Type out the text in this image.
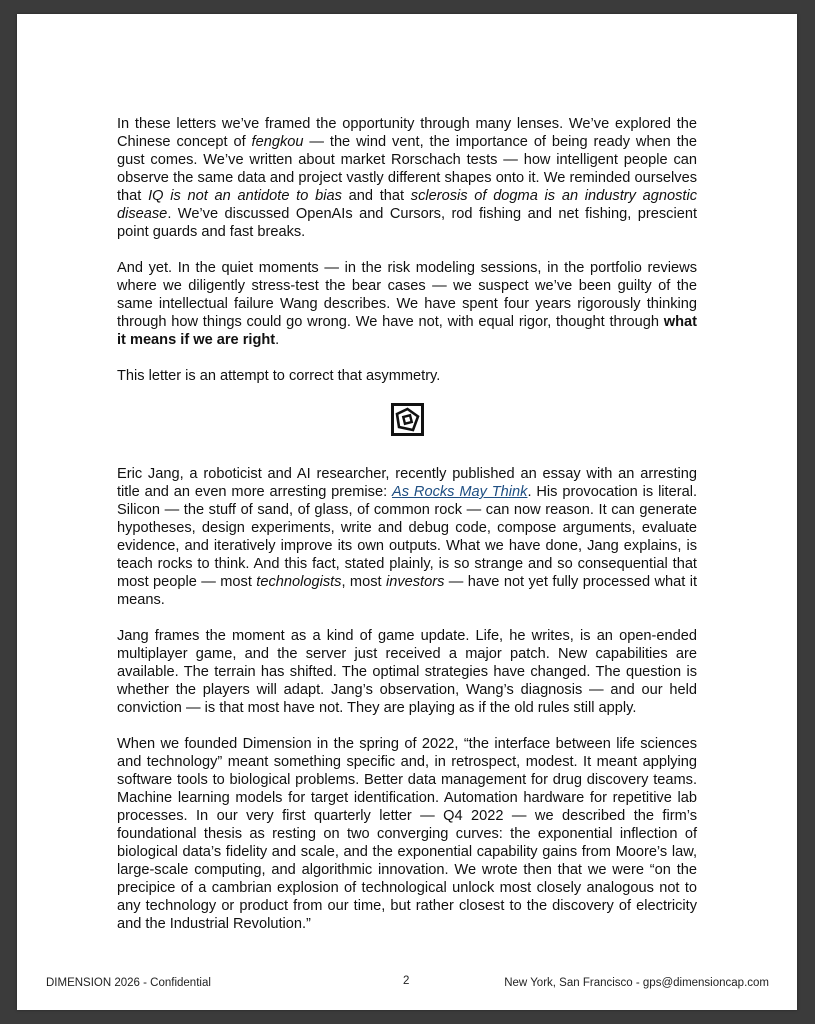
In these letters we’ve framed the opportunity through many lenses. We’ve explored the Chinese concept of fengkou — the wind vent, the importance of being ready when the gust comes. We’ve written about market Rorschach tests — how intelligent people can observe the same data and project vastly different shapes onto it. We reminded ourselves that IQ is not an antidote to bias and that sclerosis of dogma is an industry agnostic disease. We’ve discussed OpenAIs and Cursors, rod fishing and net fishing, prescient point guards and fast breaks.

And yet. In the quiet moments — in the risk modeling sessions, in the portfolio reviews where we diligently stress-test the bear cases — we suspect we’ve been guilty of the same intellectual failure Wang describes. We have spent four years rigorously thinking through how things could go wrong. We have not, with equal rigor, thought through what it means if we are right.

This letter is an attempt to correct that asymmetry.

Eric Jang, a roboticist and AI researcher, recently published an essay with an arresting title and an even more arresting premise: As Rocks May Think. His provocation is literal. Silicon — the stuff of sand, of glass, of common rock — can now reason. It can generate hypotheses, design experiments, write and debug code, compose arguments, evaluate evidence, and iteratively improve its own outputs. What we have done, Jang explains, is teach rocks to think. And this fact, stated plainly, is so strange and so consequential that most people — most technologists, most investors — have not yet fully processed what it means.

Jang frames the moment as a kind of game update. Life, he writes, is an open-ended multiplayer game, and the server just received a major patch. New capabilities are available. The terrain has shifted. The optimal strategies have changed. The question is whether the players will adapt. Jang’s observation, Wang’s diagnosis — and our held conviction — is that most have not. They are playing as if the old rules still apply.

When we founded Dimension in the spring of 2022, “the interface between life sciences and technology” meant something specific and, in retrospect, modest. It meant applying software tools to biological problems. Better data management for drug discovery teams. Machine learning models for target identification. Automation hardware for repetitive lab processes. In our very first quarterly letter — Q4 2022 — we described the firm’s foundational thesis as resting on two converging curves: the exponential inflection of biological data’s fidelity and scale, and the exponential capability gains from Moore’s law, large-scale computing, and algorithmic innovation. We wrote then that we were “on the precipice of a cambrian explosion of technological unlock most closely analogous not to any technology or product from our time, but rather closest to the discovery of electricity and the Industrial Revolution.”

DIMENSION 2026 - Confidential	2	New York, San Francisco - gps@dimensioncap.com
